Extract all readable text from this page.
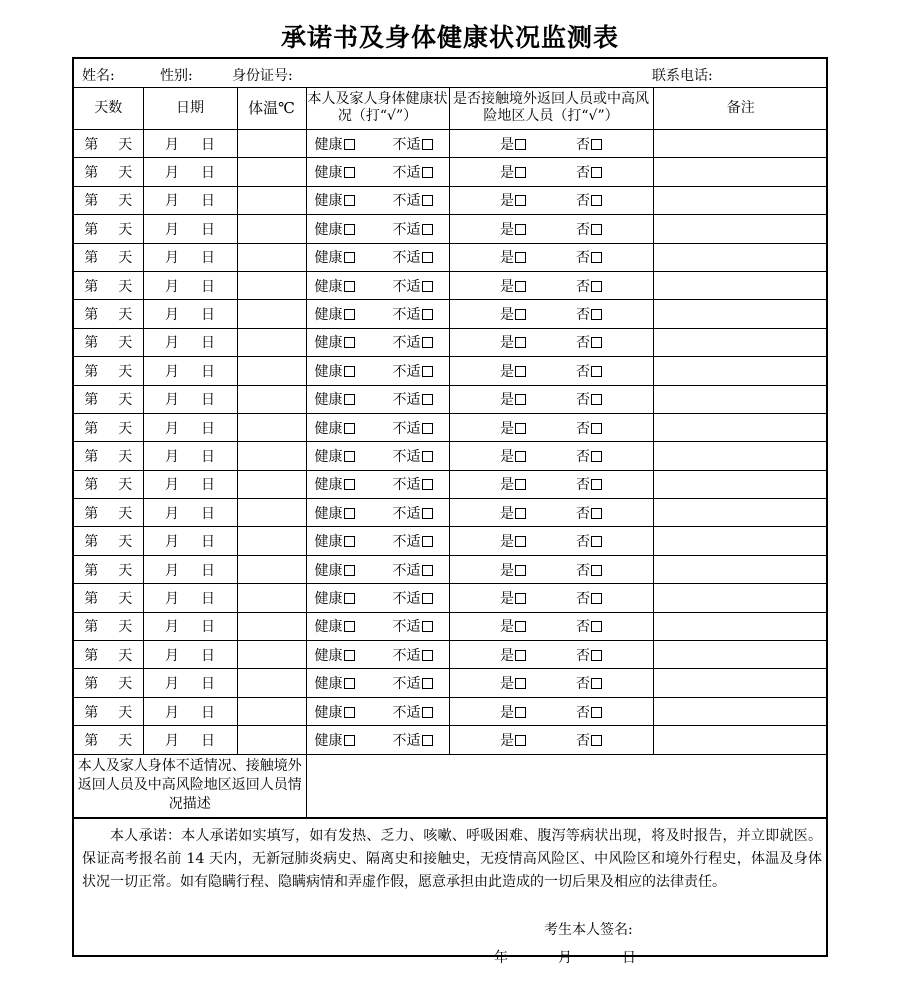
承诺书及身体健康状况监测表
姓名:	性别:	身份证号:	联系电话:
天数	日期	体温℃	本人及家人身体健康状况（打“√”）	是否接触境外返回人员或中高风险地区人员（打“√”）	备注
第 天	月 日		健康 不适	是 否	
第 天	月 日		健康 不适	是 否	
第 天	月 日		健康 不适	是 否	
第 天	月 日		健康 不适	是 否	
第 天	月 日		健康 不适	是 否	
第 天	月 日		健康 不适	是 否	
第 天	月 日		健康 不适	是 否	
第 天	月 日		健康 不适	是 否	
第 天	月 日		健康 不适	是 否	
第 天	月 日		健康 不适	是 否	
第 天	月 日		健康 不适	是 否	
第 天	月 日		健康 不适	是 否	
第 天	月 日		健康 不适	是 否	
第 天	月 日		健康 不适	是 否	
第 天	月 日		健康 不适	是 否	
第 天	月 日		健康 不适	是 否	
第 天	月 日		健康 不适	是 否	
第 天	月 日		健康 不适	是 否	
第 天	月 日		健康 不适	是 否	
第 天	月 日		健康 不适	是 否	
第 天	月 日		健康 不适	是 否	
第 天	月 日		健康 不适	是 否	
本人及家人身体不适情况、接触境外返回人员及中高风险地区返回人员情况描述					

本人承诺：本人承诺如实填写，如有发热、乏力、咳嗽、呼吸困难、腹泻等病状出现，将及时报告，并立即就医。保证高考报名前 14 天内，无新冠肺炎病史、隔离史和接触史，无疫情高风险区、中风险区和境外行程史，体温及身体状况一切正常。如有隐瞒行程、隐瞒病情和弄虚作假，愿意承担由此造成的一切后果及相应的法律责任。

考生本人签名:
年	月	日
